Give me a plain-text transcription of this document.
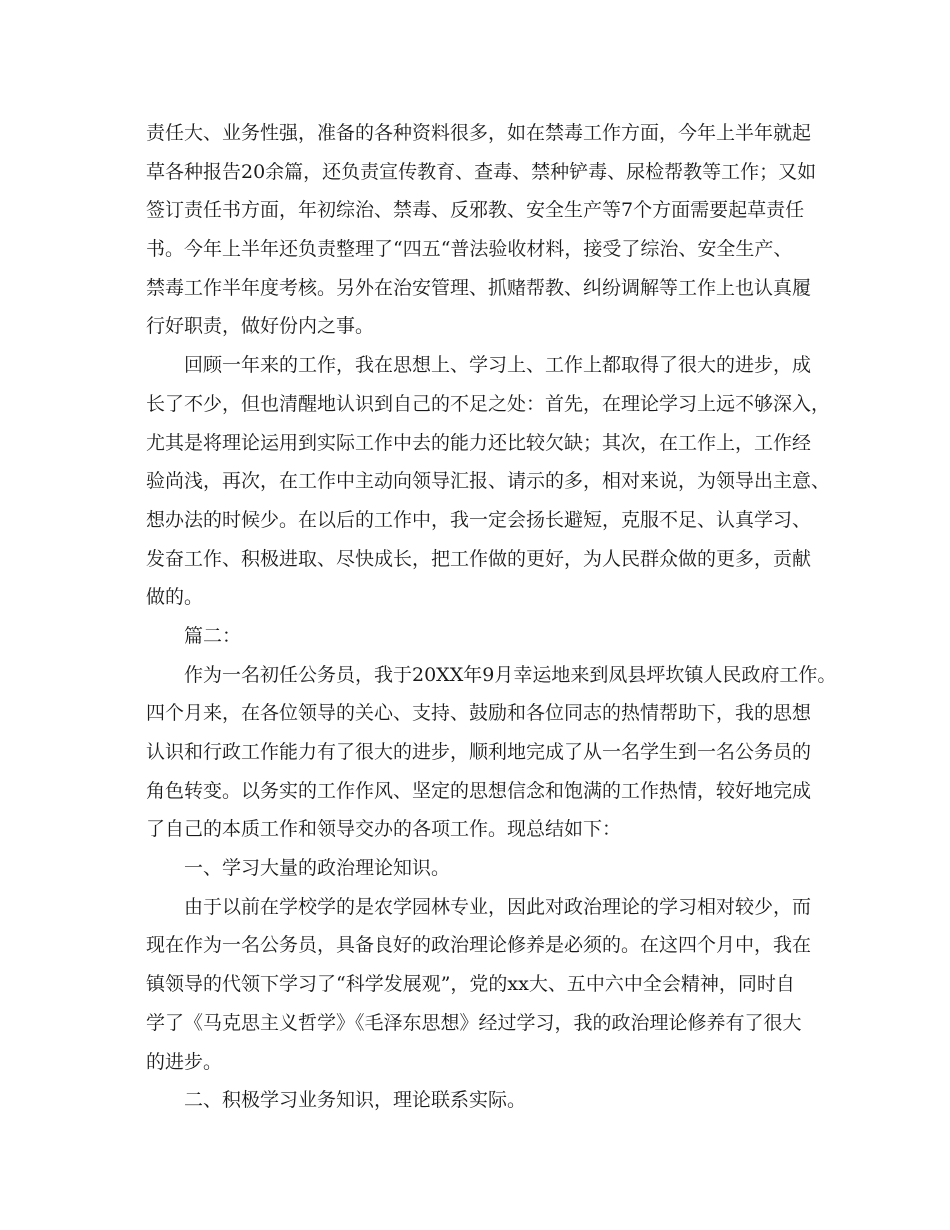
责任大、业务性强，准备的各种资料很多，如在禁毒工作方面，今年上半年就起
草各种报告20余篇，还负责宣传教育、查毒、禁种铲毒、尿检帮教等工作；又如
签订责任书方面，年初综治、禁毒、反邪教、安全生产等7个方面需要起草责任
书。今年上半年还负责整理了“四五“普法验收材料，接受了综治、安全生产、
禁毒工作半年度考核。另外在治安管理、抓赌帮教、纠纷调解等工作上也认真履
行好职责，做好份内之事。
回顾一年来的工作，我在思想上、学习上、工作上都取得了很大的进步，成
长了不少，但也清醒地认识到自己的不足之处：首先，在理论学习上远不够深入，
尤其是将理论运用到实际工作中去的能力还比较欠缺；其次，在工作上，工作经
验尚浅，再次，在工作中主动向领导汇报、请示的多，相对来说，为领导出主意、
想办法的时候少。在以后的工作中，我一定会扬长避短，克服不足、认真学习、
发奋工作、积极进取、尽快成长，把工作做的更好，为人民群众做的更多，贡献
做的。
篇二：
作为一名初任公务员，我于20XX年9月幸运地来到凤县坪坎镇人民政府工作。
四个月来，在各位领导的关心、支持、鼓励和各位同志的热情帮助下，我的思想
认识和行政工作能力有了很大的进步，顺利地完成了从一名学生到一名公务员的
角色转变。以务实的工作作风、坚定的思想信念和饱满的工作热情，较好地完成
了自己的本质工作和领导交办的各项工作。现总结如下：
一、学习大量的政治理论知识。
由于以前在学校学的是农学园林专业，因此对政治理论的学习相对较少，而
现在作为一名公务员，具备良好的政治理论修养是必须的。在这四个月中，我在
镇领导的代领下学习了“科学发展观”，党的xx大、五中六中全会精神，同时自
学了《马克思主义哲学》《毛泽东思想》经过学习，我的政治理论修养有了很大
的进步。
二、积极学习业务知识，理论联系实际。
